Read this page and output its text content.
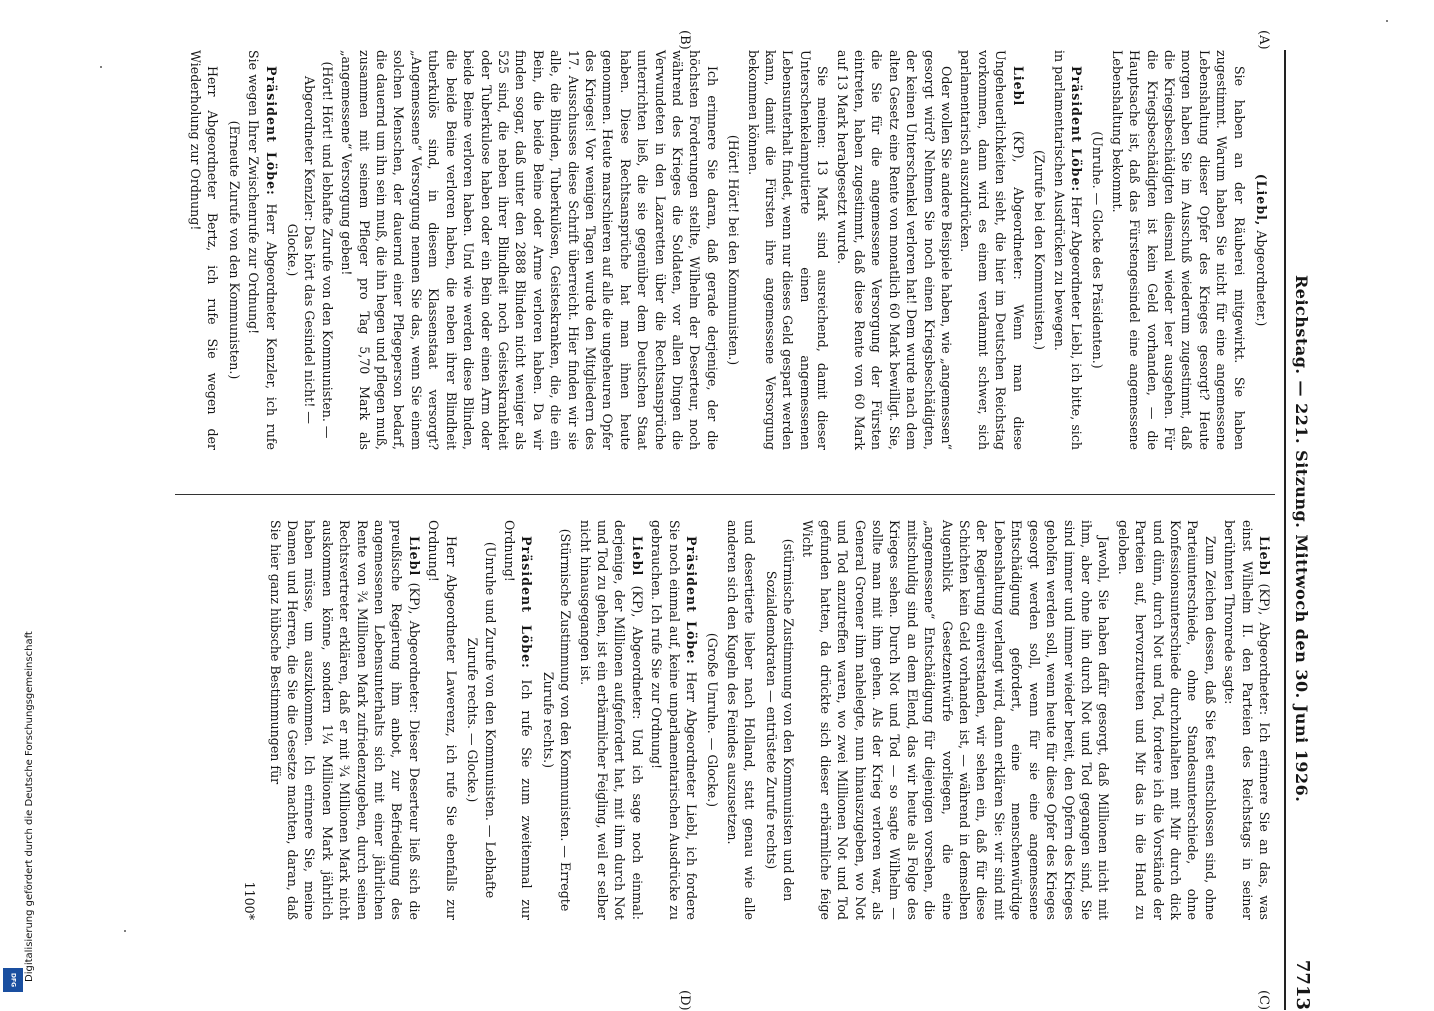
Reichstag. — 221. Sitzung. Mittwoch den 30. Juni 1926.
7713
(A)
(B)
(C)
(D)

(Liebl, Abgeordneter.)

Sie haben an der Räuberei mitgewirkt. Sie haben zugestimmt. Warum haben Sie nicht für eine angemessene Lebenshaltung dieser Opfer des Krieges gesorgt? Heute morgen haben Sie im Ausschuß wiederum zugestimmt, daß die Kriegsbeschädigten diesmal wieder leer ausgehen. Für die Kriegsbeschädigten ist kein Geld vorhanden, — die Hauptsache ist, daß das Fürstengesindel eine angemessene Lebenshaltung bekommt.

(Unruhe. — Glocke des Präsidenten.)

Präsident Löbe: Herr Abgeordneter Liebl, ich bitte, sich in parlamentarischen Ausdrücken zu bewegen.

(Zurufe bei den Kommunisten.)

Liebl (KP), Abgeordneter: Wenn man diese Ungeheuerlichkeiten sieht, die hier im Deutschen Reichstag vorkommen, dann wird es einem verdammt schwer, sich parlamentarisch auszudrücken.

Oder wollen Sie andere Beispiele haben, wie „angemessen“ gesorgt wird? Nehmen Sie noch einen Kriegsbeschädigten, der keinen Unterschenkel verloren hat! Dem wurde nach dem alten Gesetz eine Rente von monatlich 60 Mark bewilligt. Sie, die Sie für die angemessene Versorgung der Fürsten eintreten, haben zugestimmt, daß diese Rente von 60 Mark auf 13 Mark herabgesetzt wurde.

Sie meinen: 13 Mark sind ausreichend, damit dieser Unterschenkelamputierte einen angemessenen Lebensunterhalt findet, wenn nur dieses Geld gespart werden kann, damit die Fürsten ihre angemessene Versorgung bekommen können.

(Hört! Hört! bei den Kommunisten.)

Ich erinnere Sie daran, daß gerade derjenige, der die höchsten Forderungen stellte, Wilhelm der Deserteur, noch während des Krieges die Soldaten, vor allen Dingen die Verwundeten in den Lazaretten über die Rechtsansprüche unterrichten ließ, die sie gegenüber dem Deutschen Staat haben. Diese Rechtsansprüche hat man ihnen heute genommen. Heute marschieren auf alle die ungeheuren Opfer des Krieges! Vor wenigen Tagen wurde den Mitgliedern des 17. Ausschusses diese Schrift überreicht. Hier finden wir sie alle, die Blinden, Tuberkulösen, Geisteskranken, die, die ein Bein, die beide Beine oder Arme verloren haben. Da wir finden sogar, daß unter den 2888 Blinden nicht weniger als 525 sind, die neben ihrer Blindheit noch Geisteskrankheit oder Tuberkulose haben oder ein Bein oder einen Arm oder beide Beine verloren haben. Und wie werden diese Blinden, die beide Beine verloren haben, die neben ihrer Blindheit tuberkulös sind, in diesem Klassenstaat versorgt? „Angemessene“ Versorgung nennen Sie das, wenn Sie einem solchen Menschen, der dauernd einer Pflegeperson bedarf, die dauernd um ihn sein muß, die ihn hegen und pflegen muß, zusammen mit seinem Pfleger pro Tag 5,70 Mark als „angemessene“ Versorgung geben!

(Hört! Hört! und lebhafte Zurufe von den Kommunisten. — Abgeordneter Kenzler: Das hört das Gesindel nicht! — Glocke.)

Präsident Löbe: Herr Abgeordneter Kenzler, ich rufe Sie wegen Ihrer Zwischenrufe zur Ordnung!

(Erneute Zurufe von den Kommunisten.)

Herr Abgeordneter Bertz, ich rufe Sie wegen der Wiederholung zur Ordnung!

Liebl (KP), Abgeordneter: Ich erinnere Sie an das, was einst Wilhelm II. den Parteien des Reichstags in seiner berühmten Thronrede sagte:

Zum Zeichen dessen, daß Sie fest entschlossen sind, ohne Parteiunterschiede, ohne Standesunterschiede, ohne Konfessionsunterschiede durchzuhalten mit Mir durch dick und dünn, durch Not und Tod, fordere ich die Vorstände der Parteien auf, hervorzutreten und Mir das in die Hand zu geloben.

Jawohl, Sie haben dafür gesorgt, daß Millionen nicht mit ihm, aber ohne ihn durch Not und Tod gegangen sind, Sie sind immer und immer wieder bereit, den Opfern des Krieges geholfen werden soll, wenn heute für diese Opfer des Krieges gesorgt werden soll, wenn für sie eine angemessene Entschädigung gefordert, eine menschenwürdige Lebenshaltung verlangt wird, dann erklären Sie: wir sind mit der Regierung einverstanden, wir sehen ein, daß für diese Schichten kein Geld vorhanden ist, — während in demselben Augenblick Gesetzentwürfe vorliegen, die eine „angemessene“ Entschädigung für diejenigen vorsehen, die mitschuldig sind an dem Elend, das wir heute als Folge des Krieges sehen. Durch Not und Tod — so sagte Wilhelm — sollte man mit ihm gehen. Als der Krieg verloren war, als General Groener ihm nahelegte, nun hinauszugeben, wo Not und Tod anzutreffen waren, wo zwei Millionen Not und Tod gefunden hatten, da drückte sich dieser erbärmliche feige Wicht

(stürmische Zustimmung von den Kommunisten und den Sozialdemokraten — entrüstete Zurufe rechts)

und desertierte lieber nach Holland, statt genau wie alle anderen sich den Kugeln des Feindes auszusetzen.

(Große Unruhe. — Glocke.)

Präsident Löbe: Herr Abgeordneter Liebl, ich fordere Sie noch einmal auf, keine unparlamentarischen Ausdrücke zu gebrauchen. Ich rufe Sie zur Ordnung!

Liebl (KP), Abgeordneter: Und ich sage noch einmal: derjenige, der Millionen aufgefordert hat, mit ihm durch Not und Tod zu gehen, ist ein erbärmlicher Feigling, weil er selber nicht hinausgegangen ist.

(Stürmische Zustimmung von den Kommunisten. — Erregte Zurufe rechts.)

Präsident Löbe: Ich rufe Sie zum zweitenmal zur Ordnung!

(Unruhe und Zurufe von den Kommunisten. — Lebhafte Zurufe rechts. — Glocke.)

Herr Abgeordneter Lawerenz, ich rufe Sie ebenfalls zur Ordnung!

Liebl (KP), Abgeordneter: Dieser Deserteur ließ sich die preußische Regierung ihm anbot, zur Befriedigung des angemessenen Lebensunterhalts sich mit einer jährlichen Rente von ¾ Millionen Mark zufriedenzugeben, durch seinen Rechtsvertreter erklären, daß er mit ¾ Millionen Mark nicht auskommen könne, sondern 1¼ Millionen Mark jährlich haben müsse, um auszukommen. Ich erinnere Sie, meine Damen und Herren, die Sie die Gesetze machten, daran, daß Sie hier ganz hübsche Bestimmungen für

1100*

Digitalisierung gefördert durch die Deutsche Forschungsgemeinschaft
DFG
